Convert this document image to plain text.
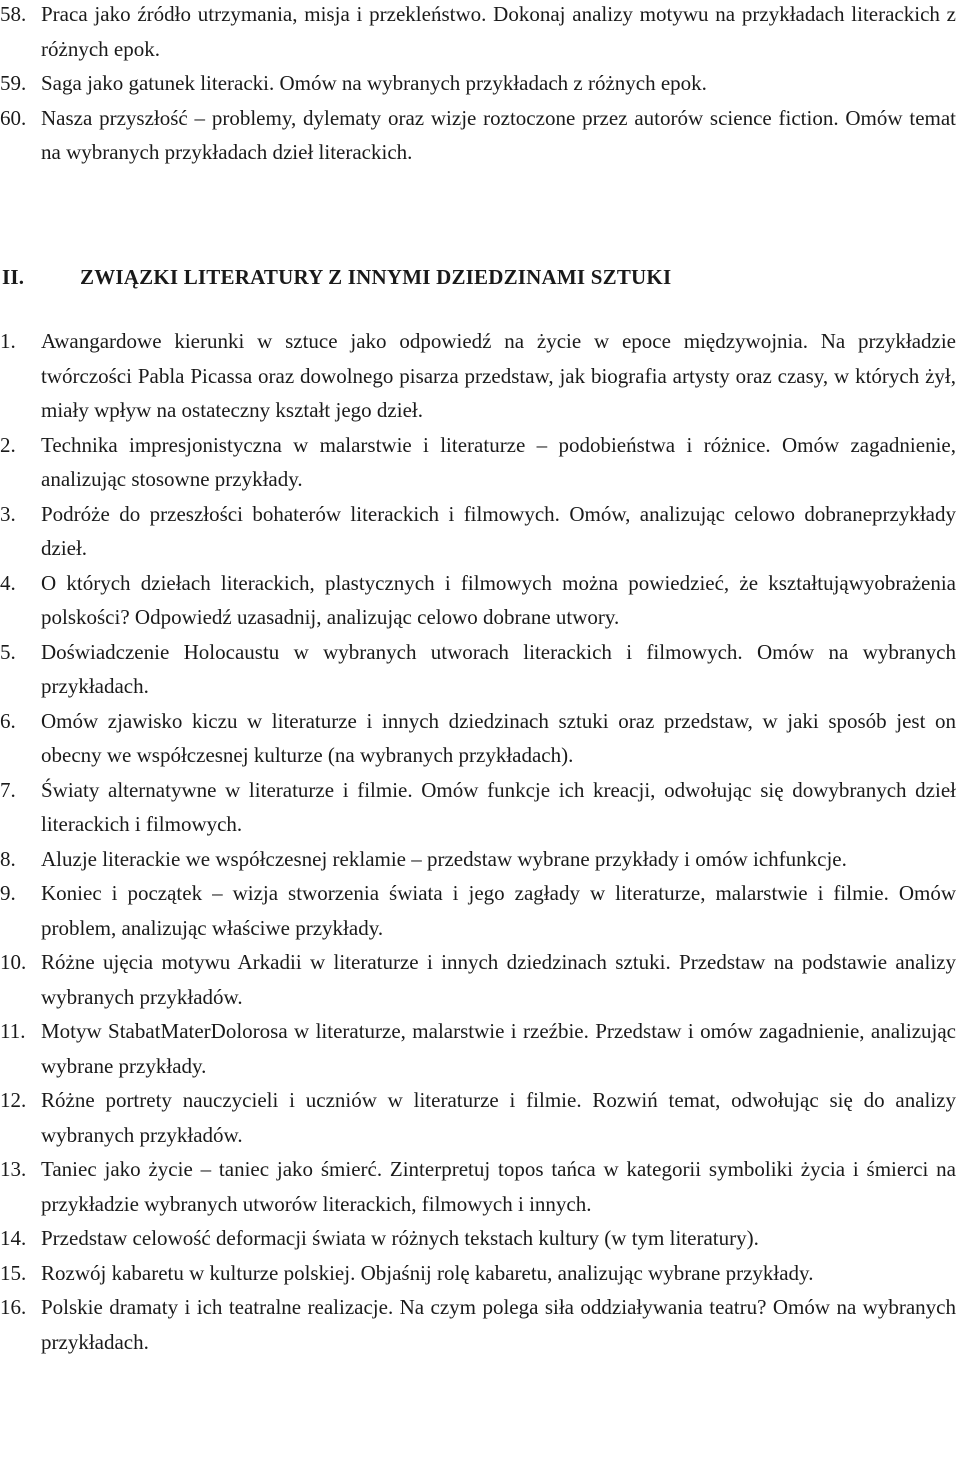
58. Praca jako źródło utrzymania, misja i przekleństwo. Dokonaj analizy motywu na przykładach literackich z różnych epok.
59. Saga jako gatunek literacki. Omów na wybranych przykładach z różnych epok.
60. Nasza przyszłość – problemy, dylematy oraz wizje roztoczone przez autorów science fiction. Omów temat na wybranych przykładach dzieł literackich.
II.	ZWIĄZKI LITERATURY Z INNYMI DZIEDZINAMI SZTUKI
1.	Awangardowe kierunki w sztuce jako odpowiedź na życie w epoce międzywojnia. Na przykładzie twórczości Pabla Picassa oraz dowolnego pisarza przedstaw, jak biografia artysty oraz czasy, w których żył, miały wpływ na ostateczny kształt jego dzieł.
2.	Technika impresjonistyczna w malarstwie i literaturze – podobieństwa i różnice. Omów zagadnienie, analizując stosowne przykłady.
3.	Podróże do przeszłości bohaterów literackich i filmowych. Omów, analizując celowo dobraneprzykłady dzieł.
4.	O których dziełach literackich, plastycznych i filmowych można powiedzieć, że kształtująwyobrażenia polskości? Odpowiedź uzasadnij, analizując celowo dobrane utwory.
5.	Doświadczenie Holocaustu w wybranych utworach literackich i filmowych. Omów na wybranych przykładach.
6.	Omów zjawisko kiczu w literaturze i innych dziedzinach sztuki oraz przedstaw, w jaki sposób jest on obecny we współczesnej kulturze (na wybranych przykładach).
7.	Światy alternatywne w literaturze i filmie. Omów funkcje ich kreacji, odwołując się dowybranych dzieł literackich i filmowych.
8.	Aluzje literackie we współczesnej reklamie – przedstaw wybrane przykłady i omów ichfunkcje.
9.	Koniec i początek – wizja stworzenia świata i jego zagłady w literaturze, malarstwie i filmie. Omów problem, analizując właściwe przykłady.
10. Różne ujęcia motywu Arkadii w literaturze i innych dziedzinach sztuki. Przedstaw na podstawie analizy wybranych przykładów.
11. Motyw StabatMaterDolorosa w literaturze, malarstwie i rzeźbie. Przedstaw i omów zagadnienie, analizując wybrane przykłady.
12. Różne portrety nauczycieli i uczniów w literaturze i filmie. Rozwiń temat, odwołując się do analizy wybranych przykładów.
13. Taniec jako życie – taniec jako śmierć. Zinterpretuj topos tańca w kategorii symboliki życia i śmierci na przykładzie wybranych utworów literackich, filmowych i innych.
14. Przedstaw celowość deformacji świata w różnych tekstach kultury (w tym literatury).
15. Rozwój kabaretu w kulturze polskiej. Objaśnij rolę kabaretu, analizując wybrane przykłady.
16. Polskie dramaty i ich teatralne realizacje. Na czym polega siła oddziaływania teatru? Omów na wybranych przykładach.
